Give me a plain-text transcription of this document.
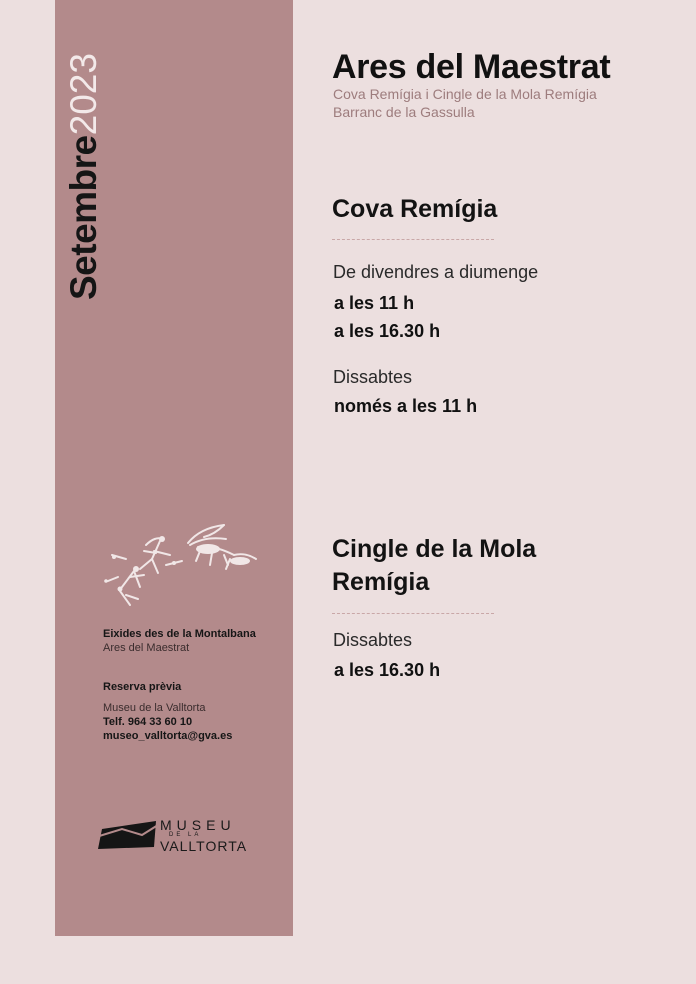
Setembre2023
Eixides des de la Montalbana
Ares del Maestrat
Reserva prèvia
Museu de la Valltorta
Telf. 964 33 60 10
museo_valltorta@gva.es
MUSEU
DE LA
VALLTORTA
Ares del Maestrat
Cova Remígia i Cingle de la Mola Remígia
Barranc de la Gassulla
Cova Remígia
De divendres a diumenge
a les 11 h
a les 16.30 h
Dissabtes
només a les 11 h
Cingle de la Mola
Remígia
Dissabtes
a les 16.30 h
